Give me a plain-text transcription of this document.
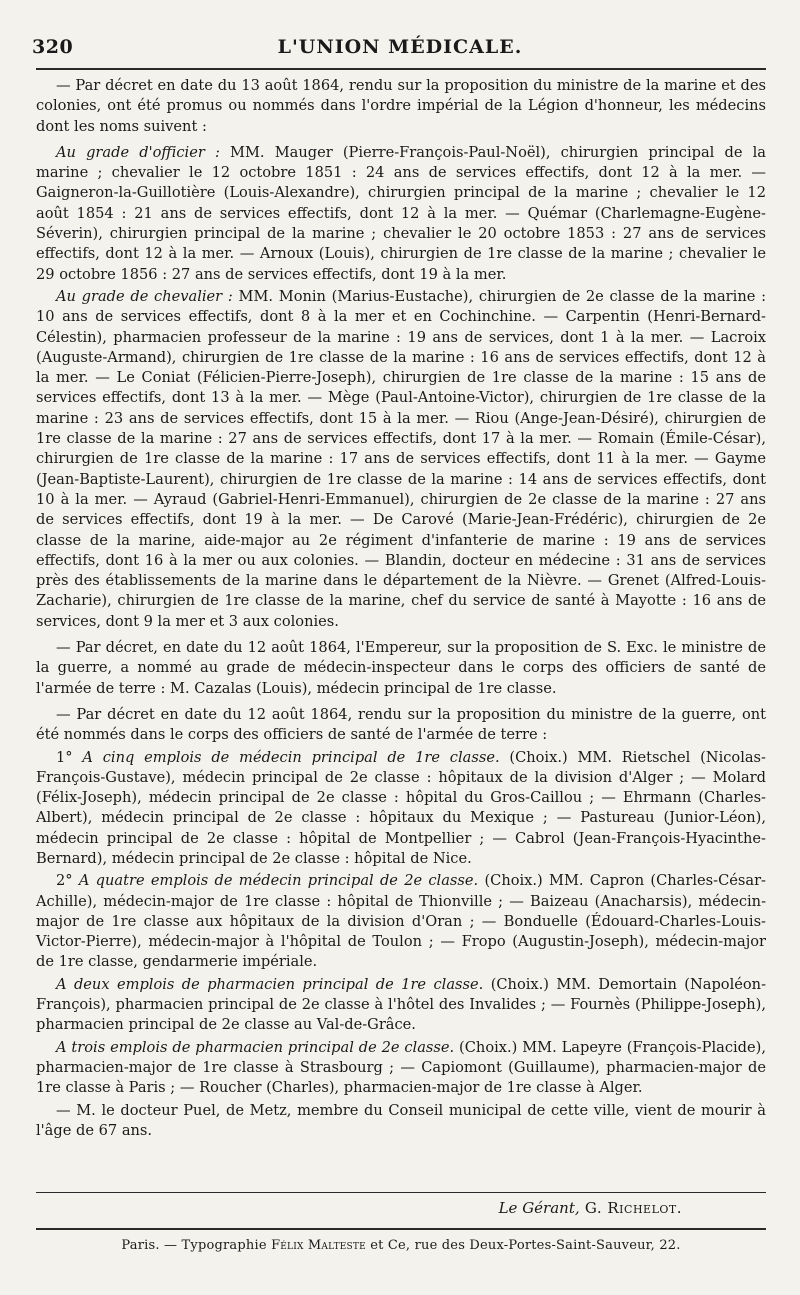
320	L'UNION MÉDICALE.

— Par décret en date du 13 août 1864, rendu sur la proposition du ministre de la marine et des colonies, ont été promus ou nommés dans l'ordre impérial de la Légion d'honneur, les médecins dont les noms suivent :

Au grade d'officier : MM. Mauger (Pierre-François-Paul-Noël), chirurgien principal de la marine ; chevalier le 12 octobre 1851 : 24 ans de services effectifs, dont 12 à la mer. — Gaigneron-la-Guillotière (Louis-Alexandre), chirurgien principal de la marine ; chevalier le 12 août 1854 : 21 ans de services effectifs, dont 12 à la mer. — Quémar (Charlemagne-Eugène-Séverin), chirurgien principal de la marine ; chevalier le 20 octobre 1853 : 27 ans de services effectifs, dont 12 à la mer. — Arnoux (Louis), chirurgien de 1re classe de la marine ; chevalier le 29 octobre 1856 : 27 ans de services effectifs, dont 19 à la mer.

Au grade de chevalier : MM. Monin (Marius-Eustache), chirurgien de 2e classe de la marine : 10 ans de services effectifs, dont 8 à la mer et en Cochinchine. — Carpentin (Henri-Bernard-Célestin), pharmacien professeur de la marine : 19 ans de services, dont 1 à la mer. — Lacroix (Auguste-Armand), chirurgien de 1re classe de la marine : 16 ans de services effectifs, dont 12 à la mer. — Le Coniat (Félicien-Pierre-Joseph), chirurgien de 1re classe de la marine : 15 ans de services effectifs, dont 13 à la mer. — Mège (Paul-Antoine-Victor), chirurgien de 1re classe de la marine : 23 ans de services effectifs, dont 15 à la mer. — Riou (Ange-Jean-Désiré), chirurgien de 1re classe de la marine : 27 ans de services effectifs, dont 17 à la mer. — Romain (Émile-César), chirurgien de 1re classe de la marine : 17 ans de services effectifs, dont 11 à la mer. — Gayme (Jean-Baptiste-Laurent), chirurgien de 1re classe de la marine : 14 ans de services effectifs, dont 10 à la mer. — Ayraud (Gabriel-Henri-Emmanuel), chirurgien de 2e classe de la marine : 27 ans de services effectifs, dont 19 à la mer. — De Carové (Marie-Jean-Frédéric), chirurgien de 2e classe de la marine, aide-major au 2e régiment d'infanterie de marine : 19 ans de services effectifs, dont 16 à la mer ou aux colonies. — Blandin, docteur en médecine : 31 ans de services près des établissements de la marine dans le département de la Nièvre. — Grenet (Alfred-Louis-Zacharie), chirurgien de 1re classe de la marine, chef du service de santé à Mayotte : 16 ans de services, dont 9 la mer et 3 aux colonies.

— Par décret, en date du 12 août 1864, l'Empereur, sur la proposition de S. Exc. le ministre de la guerre, a nommé au grade de médecin-inspecteur dans le corps des officiers de santé de l'armée de terre : M. Cazalas (Louis), médecin principal de 1re classe.

— Par décret en date du 12 août 1864, rendu sur la proposition du ministre de la guerre, ont été nommés dans le corps des officiers de santé de l'armée de terre :

1° A cinq emplois de médecin principal de 1re classe. (Choix.) MM. Rietschel (Nicolas-François-Gustave), médecin principal de 2e classe : hôpitaux de la division d'Alger ; — Molard (Félix-Joseph), médecin principal de 2e classe : hôpital du Gros-Caillou ; — Ehrmann (Charles-Albert), médecin principal de 2e classe : hôpitaux du Mexique ; — Pastureau (Junior-Léon), médecin principal de 2e classe : hôpital de Montpellier ; — Cabrol (Jean-François-Hyacinthe-Bernard), médecin principal de 2e classe : hôpital de Nice.

2° A quatre emplois de médecin principal de 2e classe. (Choix.) MM. Capron (Charles-César-Achille), médecin-major de 1re classe : hôpital de Thionville ; — Baizeau (Anacharsis), médecin-major de 1re classe aux hôpitaux de la division d'Oran ; — Bonduelle (Édouard-Charles-Louis-Victor-Pierre), médecin-major à l'hôpital de Toulon ; — Fropo (Augustin-Joseph), médecin-major de 1re classe, gendarmerie impériale.

A deux emplois de pharmacien principal de 1re classe. (Choix.) MM. Demortain (Napoléon-François), pharmacien principal de 2e classe à l'hôtel des Invalides ; — Fournès (Philippe-Joseph), pharmacien principal de 2e classe au Val-de-Grâce.

A trois emplois de pharmacien principal de 2e classe. (Choix.) MM. Lapeyre (François-Placide), pharmacien-major de 1re classe à Strasbourg ; — Capiomont (Guillaume), pharmacien-major de 1re classe à Paris ; — Roucher (Charles), pharmacien-major de 1re classe à Alger.

— M. le docteur Puel, de Metz, membre du Conseil municipal de cette ville, vient de mourir à l'âge de 67 ans.

Le Gérant, G. Richelot.
Paris. — Typographie Félix Malteste et Ce, rue des Deux-Portes-Saint-Sauveur, 22.
